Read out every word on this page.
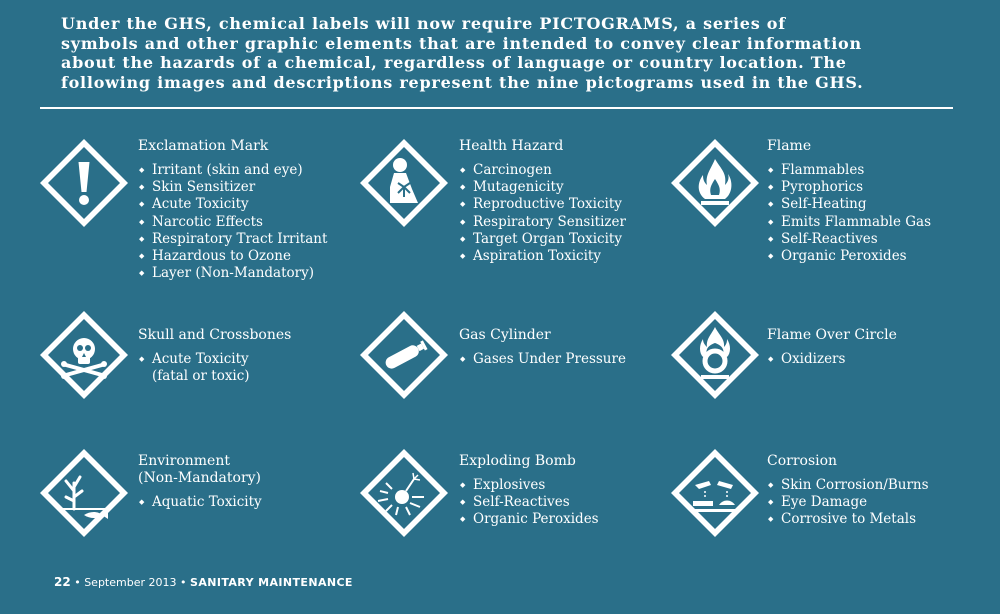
Under the GHS, chemical labels will now require PICTOGRAMS, a series of
symbols and other graphic elements that are intended to convey clear information
about the hazards of a chemical, regardless of language or country location. The
following images and descriptions represent the nine pictograms used in the GHS.

Exclamation Mark
◆ Irritant (skin and eye)
◆ Skin Sensitizer
◆ Acute Toxicity
◆ Narcotic Effects
◆ Respiratory Tract Irritant
◆ Hazardous to Ozone
◆ Layer (Non-Mandatory)
Health Hazard
◆ Carcinogen
◆ Mutagenicity
◆ Reproductive Toxicity
◆ Respiratory Sensitizer
◆ Target Organ Toxicity
◆ Aspiration Toxicity
Flame
◆ Flammables
◆ Pyrophorics
◆ Self-Heating
◆ Emits Flammable Gas
◆ Self-Reactives
◆ Organic Peroxides
Skull and Crossbones
◆ Acute Toxicity
(fatal or toxic)
Gas Cylinder
◆ Gases Under Pressure
Flame Over Circle
◆ Oxidizers
Environment
(Non-Mandatory)
◆ Aquatic Toxicity
Exploding Bomb
◆ Explosives
◆ Self-Reactives
◆ Organic Peroxides
Corrosion
◆ Skin Corrosion/Burns
◆ Eye Damage
◆ Corrosive to Metals
22 • September 2013 • SANITARY MAINTENANCE
